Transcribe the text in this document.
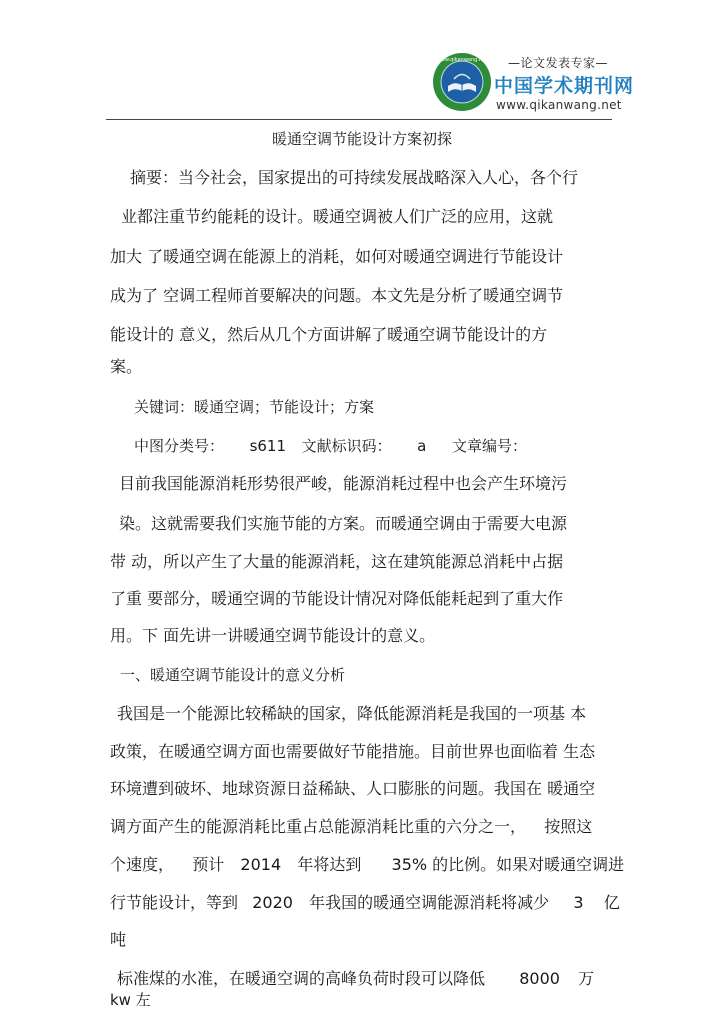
www.qikanwang.net	—论文发表专家—
中国学术期刊网
www.qikanwang.net
暖通空调节能设计方案初探
摘要：当今社会，国家提出的可持续发展战略深入人心，各个行
业都注重节约能耗的设计。暖通空调被人们广泛的应用，这就
加大 了暖通空调在能源上的消耗，如何对暖通空调进行节能设计
成为了 空调工程师首要解决的问题。本文先是分析了暖通空调节
能设计的 意义，然后从几个方面讲解了暖通空调节能设计的方
案。
关键词：暖通空调；节能设计；方案
中图分类号： s611 文献标识码： a 文章编号：
目前我国能源消耗形势很严峻，能源消耗过程中也会产生环境污
染。这就需要我们实施节能的方案。而暖通空调由于需要大电源
带 动，所以产生了大量的能源消耗，这在建筑能源总消耗中占据
了重 要部分，暖通空调的节能设计情况对降低能耗起到了重大作
用。下 面先讲一讲暖通空调节能设计的意义。
一、暖通空调节能设计的意义分析
我国是一个能源比较稀缺的国家，降低能源消耗是我国的一项基 本
政策，在暖通空调方面也需要做好节能措施。目前世界也面临着 生态
环境遭到破坏、地球资源日益稀缺、人口膨胀的问题。我国在 暖通空
调方面产生的能源消耗比重占总能源消耗比重的六分之一， 按照这
个速度， 预计 2014 年将达到 35% 的比例。如果对暖通空调进
行节能设计，等到 2020 年我国的暖通空调能源消耗将减少 3 亿
吨
标准煤的水准，在暖通空调的高峰负荷时段可以降低 8000 万
kw 左
